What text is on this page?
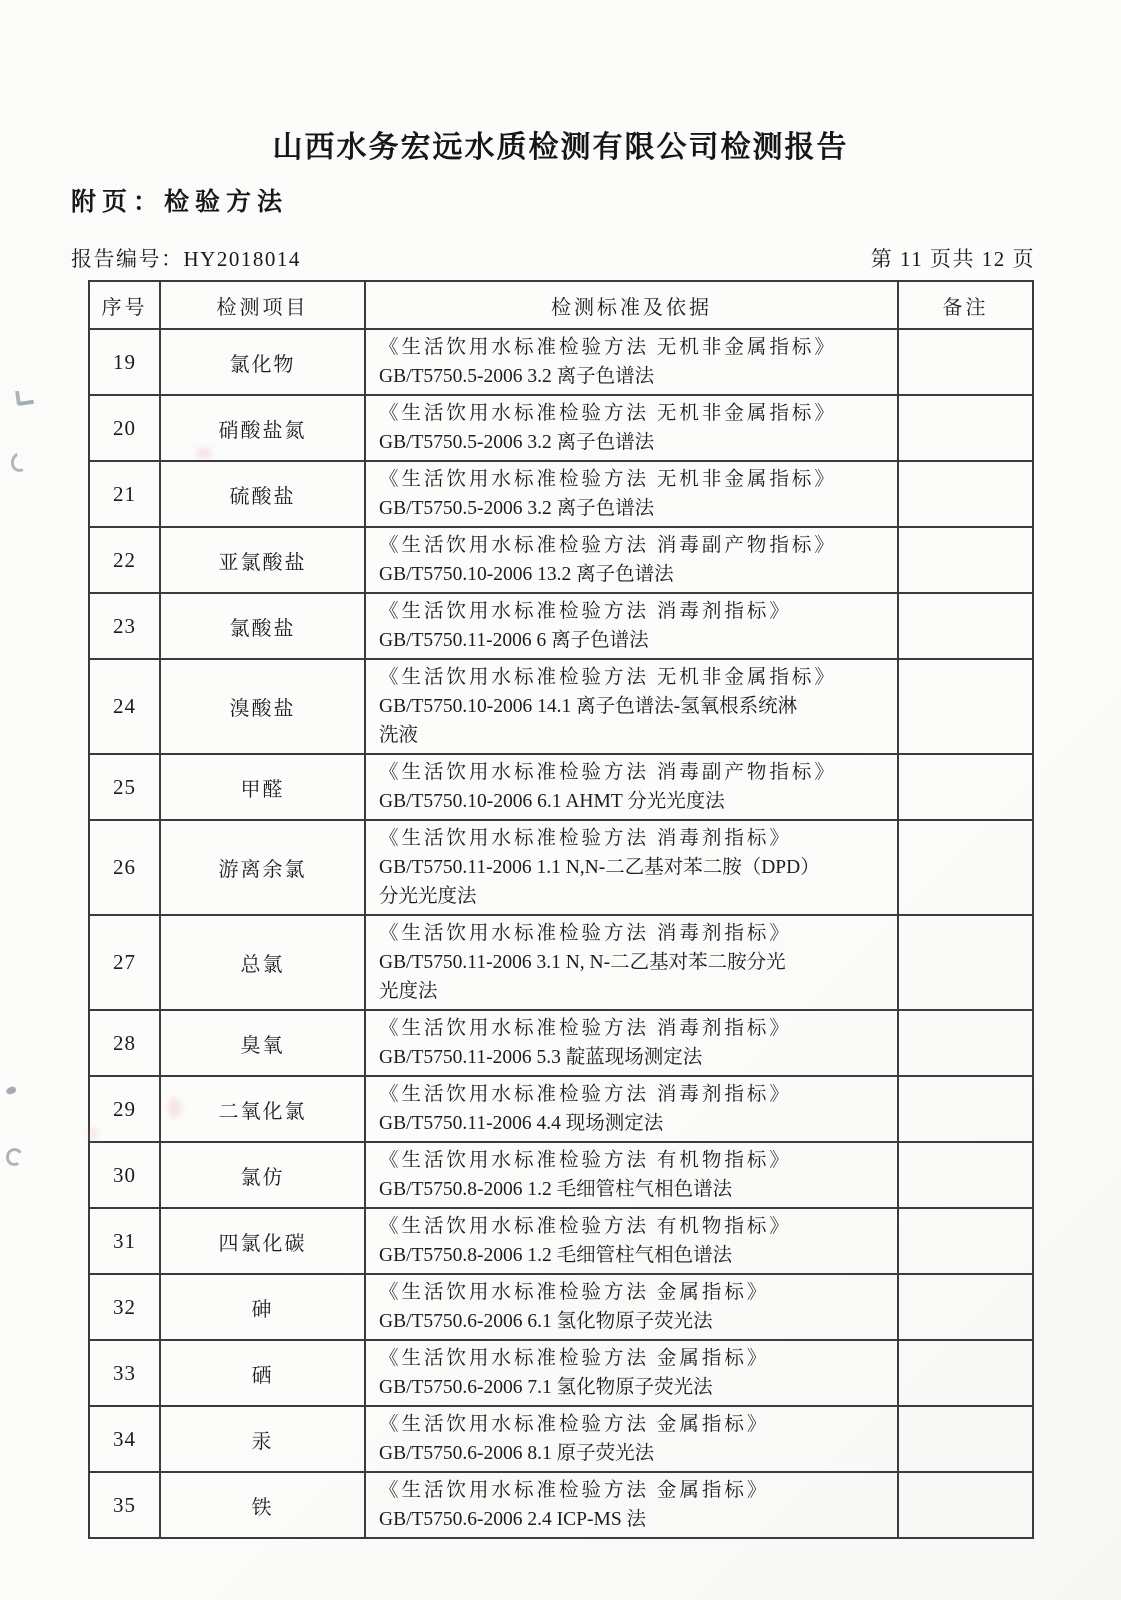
山西水务宏远水质检测有限公司检测报告
附页：检验方法
报告编号：HY2018014	第 11 页共 12 页
序号	检测项目	检测标准及依据	备注
19	氯化物	《生活饮用水标准检验方法 无机非金属指标》
GB/T5750.5-2006 3.2 离子色谱法	

20	硝酸盐氮	《生活饮用水标准检验方法 无机非金属指标》
GB/T5750.5-2006 3.2 离子色谱法	

21	硫酸盐	《生活饮用水标准检验方法 无机非金属指标》
GB/T5750.5-2006 3.2 离子色谱法	

22	亚氯酸盐	《生活饮用水标准检验方法 消毒副产物指标》
GB/T5750.10-2006 13.2 离子色谱法	

23	氯酸盐	《生活饮用水标准检验方法 消毒剂指标》
GB/T5750.11-2006 6 离子色谱法	

24	溴酸盐	《生活饮用水标准检验方法 无机非金属指标》
GB/T5750.10-2006 14.1 离子色谱法-氢氧根系统淋
洗液	

25	甲醛	《生活饮用水标准检验方法 消毒副产物指标》
GB/T5750.10-2006 6.1 AHMT 分光光度法	

26	游离余氯	《生活饮用水标准检验方法 消毒剂指标》
GB/T5750.11-2006 1.1 N,N-二乙基对苯二胺（DPD）
分光光度法	

27	总氯	《生活饮用水标准检验方法 消毒剂指标》
GB/T5750.11-2006 3.1 N, N-二乙基对苯二胺分光
光度法	

28	臭氧	《生活饮用水标准检验方法 消毒剂指标》
GB/T5750.11-2006 5.3 靛蓝现场测定法	

29	二氧化氯	《生活饮用水标准检验方法 消毒剂指标》
GB/T5750.11-2006 4.4 现场测定法	

30	氯仿	《生活饮用水标准检验方法 有机物指标》
GB/T5750.8-2006 1.2 毛细管柱气相色谱法	

31	四氯化碳	《生活饮用水标准检验方法 有机物指标》
GB/T5750.8-2006 1.2 毛细管柱气相色谱法	

32	砷	《生活饮用水标准检验方法 金属指标》
GB/T5750.6-2006 6.1 氢化物原子荧光法	

33	硒	《生活饮用水标准检验方法 金属指标》
GB/T5750.6-2006 7.1 氢化物原子荧光法	

34	汞	《生活饮用水标准检验方法 金属指标》
GB/T5750.6-2006 8.1 原子荧光法	

35	铁	《生活饮用水标准检验方法 金属指标》
GB/T5750.6-2006 2.4 ICP-MS 法	
